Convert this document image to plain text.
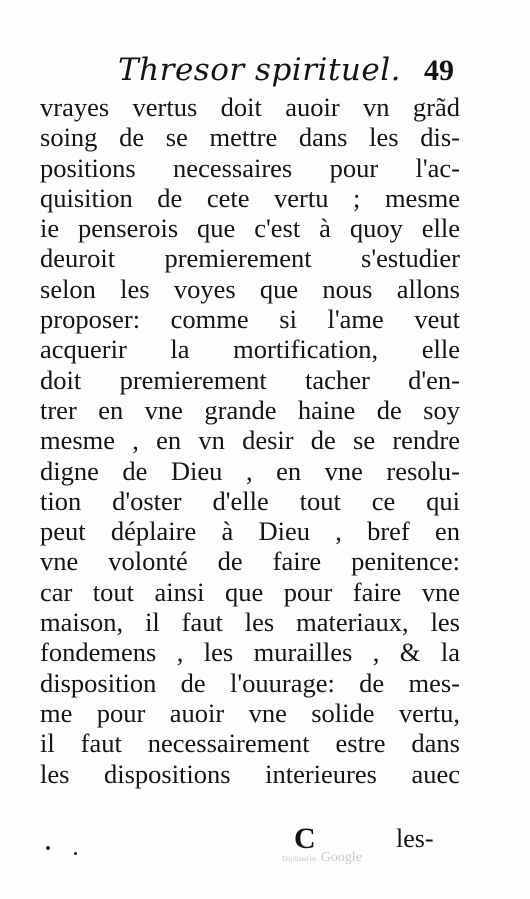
Thresor spirituel. 49
vrayes vertus doit auoir vn grãd
soing de se mettre dans les dis-
positions necessaires pour l'ac-
quisition de cete vertu ; mesme
ie penserois que c'est à quoy elle
deuroit premierement s'estudier
selon les voyes que nous allons
proposer: comme si l'ame veut
acquerir la mortification, elle
doit premierement tacher d'en-
trer en vne grande haine de soy
mesme , en vn desir de se rendre
digne de Dieu , en vne resolu-
tion d'oster d'elle tout ce qui
peut déplaire à Dieu , bref en
vne volonté de faire penitence:
car tout ainsi que pour faire vne
maison, il faut les materiaux, les
fondemens , les murailles , & la
disposition de l'ouurage: de mes-
me pour auoir vne solide vertu,
il faut necessairement estre dans
les dispositions interieures auec
C	les-
Digitized by Google
